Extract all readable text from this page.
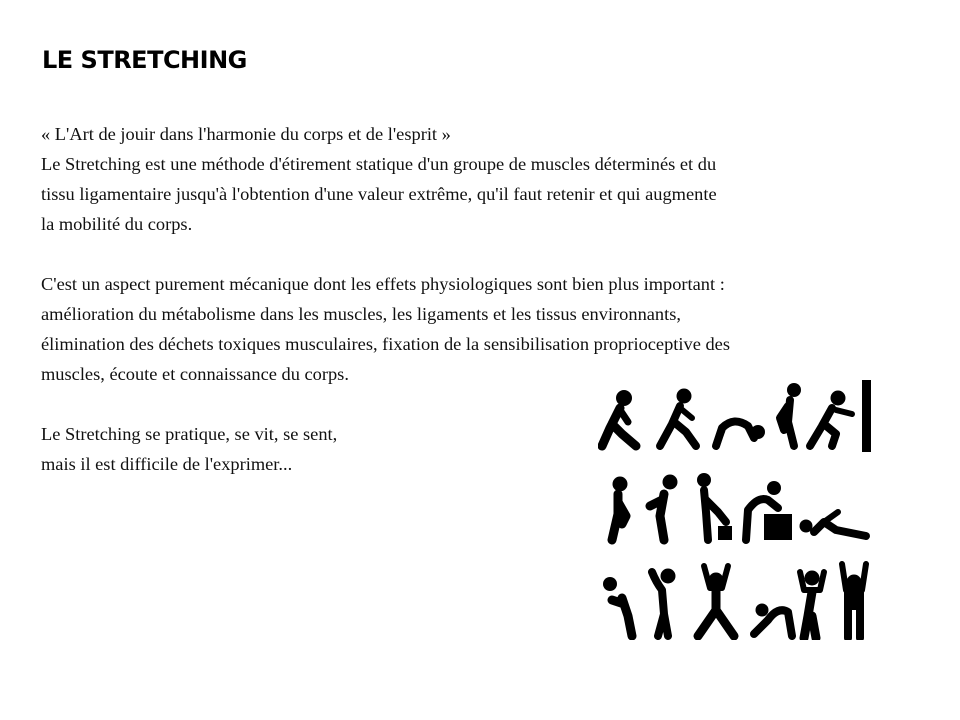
LE STRETCHING
« L'Art de jouir dans l'harmonie du corps et de l'esprit »
Le Stretching est une méthode d'étirement statique d'un groupe de muscles déterminés et du
tissu ligamentaire jusqu'à l'obtention d'une valeur extrême, qu'il faut retenir et qui augmente
la mobilité du corps.
C'est un aspect purement mécanique dont les effets physiologiques sont bien plus important :
amélioration du métabolisme dans les muscles, les ligaments et les tissus environnants,
élimination des déchets toxiques musculaires, fixation de la sensibilisation proprioceptive des
muscles, écoute et connaissance du corps.
Le Stretching se pratique, se vit, se sent,
mais il est difficile de l'exprimer...
